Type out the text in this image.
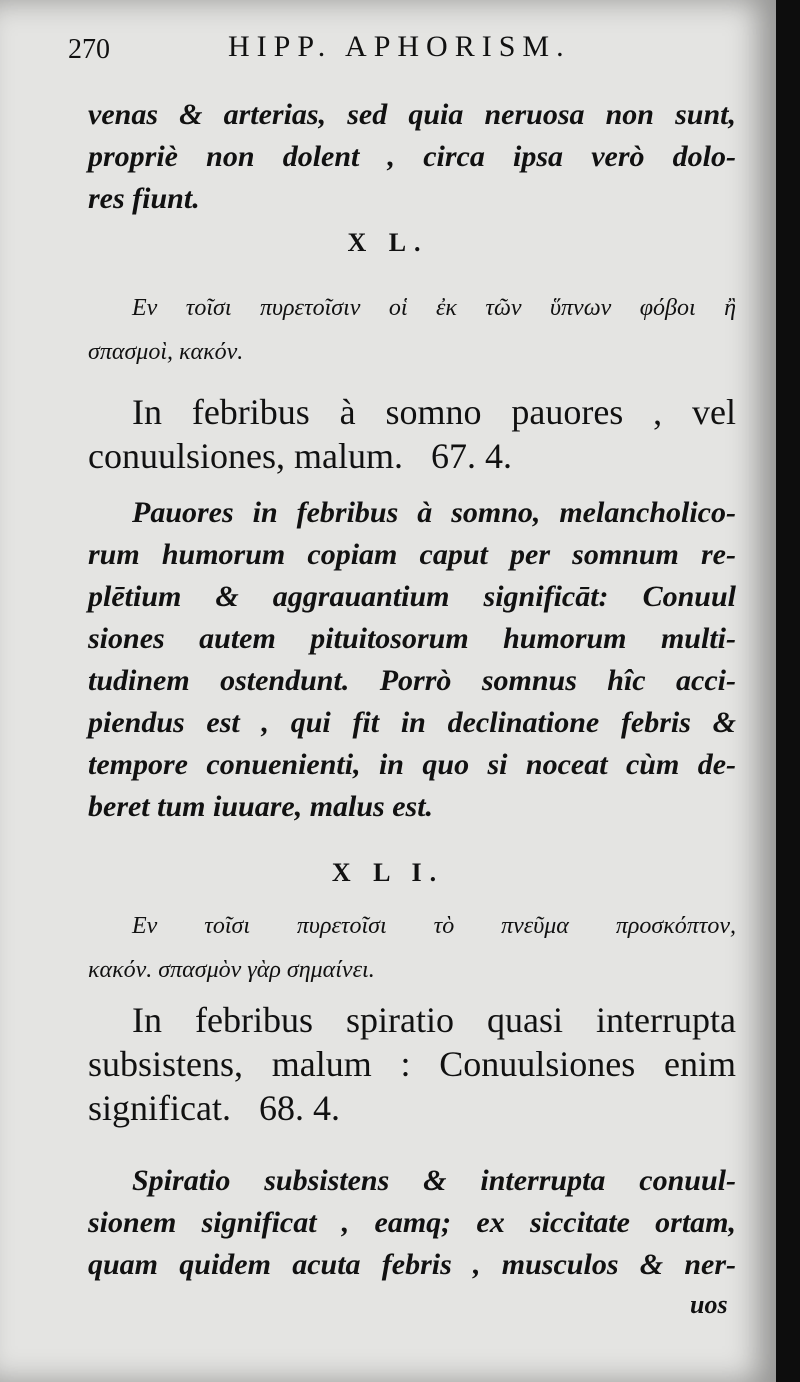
270	HIPP. APHORISM.
venas & arterias, sed quia neruosa non sunt,
propriè non dolent , circa ipsa verò dolo-
res fiunt.
X L.
Εν τοῖσι πυρετοῖσιν οἱ ἐκ τῶν ὕπνων φόβοι ἢ
σπασμοὶ, κακόν.
In febribus à somno pauores , vel
conuulsiones, malum. 67. 4.
Pauores in febribus à somno, melancholico-
rum humorum copiam caput per somnum re-
plētium & aggrauantium significāt: Conuul
siones autem pituitosorum humorum multi-
tudinem ostendunt. Porrò somnus hîc acci-
piendus est , qui fit in declinatione febris &
tempore conuenienti, in quo si noceat cùm de-
beret tum iuuare, malus est.
X L I.
Εν τοῖσι πυρετοῖσι τὸ πνεῦμα προσκόπτον,
κακόν. σπασμὸν γὰρ σημαίνει.
In febribus spiratio quasi interrupta
subsistens, malum : Conuulsiones enim
significat. 68. 4.
Spiratio subsistens & interrupta conuul-
sionem significat , eamq; ex siccitate ortam,
quam quidem acuta febris , musculos & ner-
uos
